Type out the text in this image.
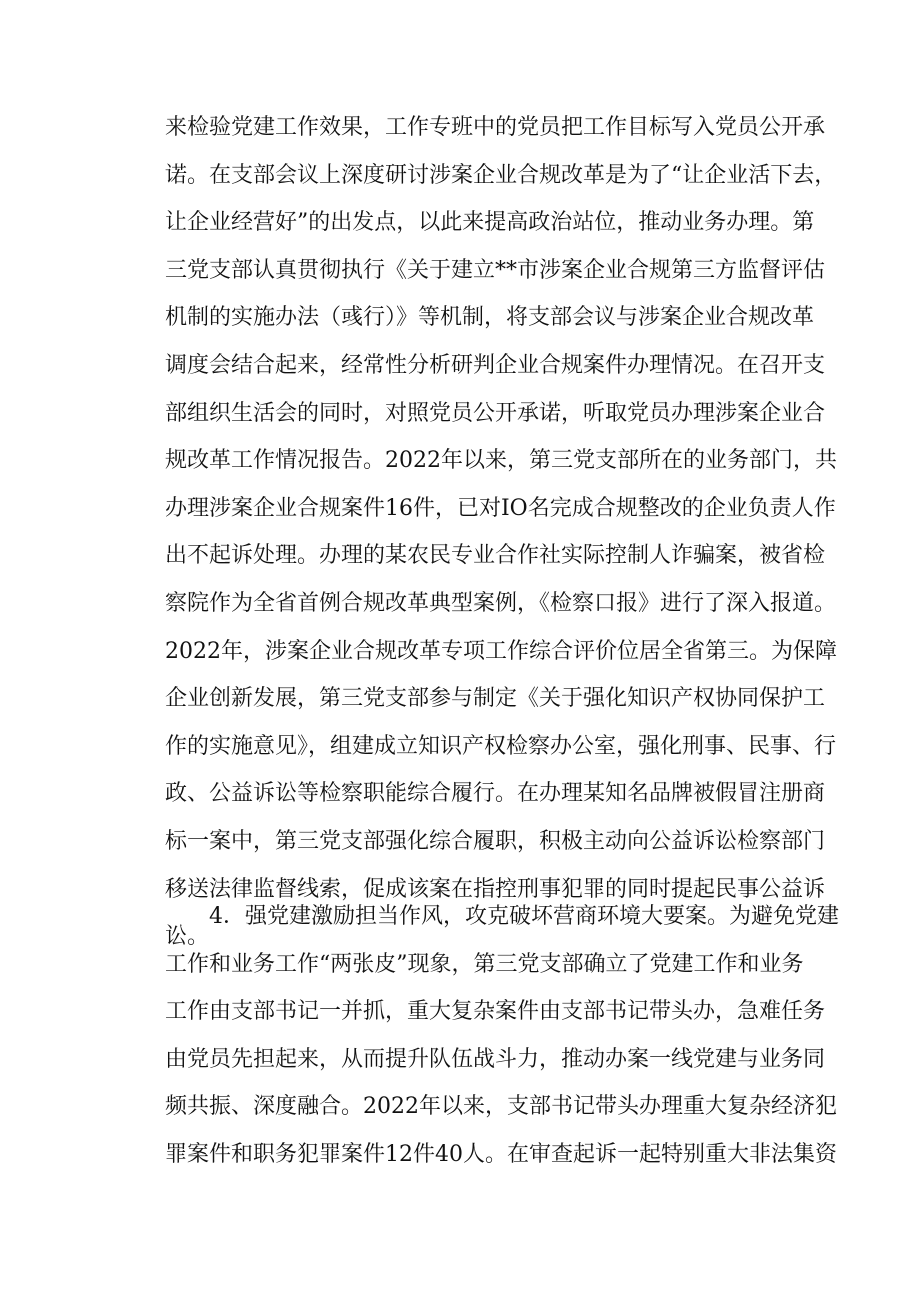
来检验党建工作效果，工作专班中的党员把工作目标写入党员公开承
诺。在支部会议上深度研讨涉案企业合规改革是为了“让企业活下去，
让企业经营好”的出发点，以此来提高政治站位，推动业务办理。第
三党支部认真贯彻执行《关于建立**市涉案企业合规第三方监督评估
机制的实施办法（彧行）》等机制，将支部会议与涉案企业合规改革
调度会结合起来，经常性分析研判企业合规案件办理情况。在召开支
部组织生活会的同时，对照党员公开承诺，听取党员办理涉案企业合
规改革工作情况报告。2022年以来，第三党支部所在的业务部门，共
办理涉案企业合规案件16件，已对IO名完成合规整改的企业负责人作
出不起诉处理。办理的某农民专业合作社实际控制人诈骗案，被省检
察院作为全省首例合规改革典型案例，《检察口报》进行了深入报道。
2022年，涉案企业合规改革专项工作综合评价位居全省第三。为保障
企业创新发展，第三党支部参与制定《关于强化知识产权协同保护工
作的实施意见》，组建成立知识产权检察办公室，强化刑事、民事、行
政、公益诉讼等检察职能综合履行。在办理某知名品牌被假冒注册商
标一案中，第三党支部强化综合履职，积极主动向公益诉讼检察部门
移送法律监督线索，促成该案在指控刑事犯罪的同时提起民事公益诉
讼。
4．强党建激励担当作风，攻克破坏营商环境大要案。为避免党建
工作和业务工作“两张皮”现象，第三党支部确立了党建工作和业务
工作由支部书记一并抓，重大复杂案件由支部书记带头办，急难任务
由党员先担起来，从而提升队伍战斗力，推动办案一线党建与业务同
频共振、深度融合。2022年以来，支部书记带头办理重大复杂经济犯
罪案件和职务犯罪案件12件40人。在审查起诉一起特别重大非法集资
